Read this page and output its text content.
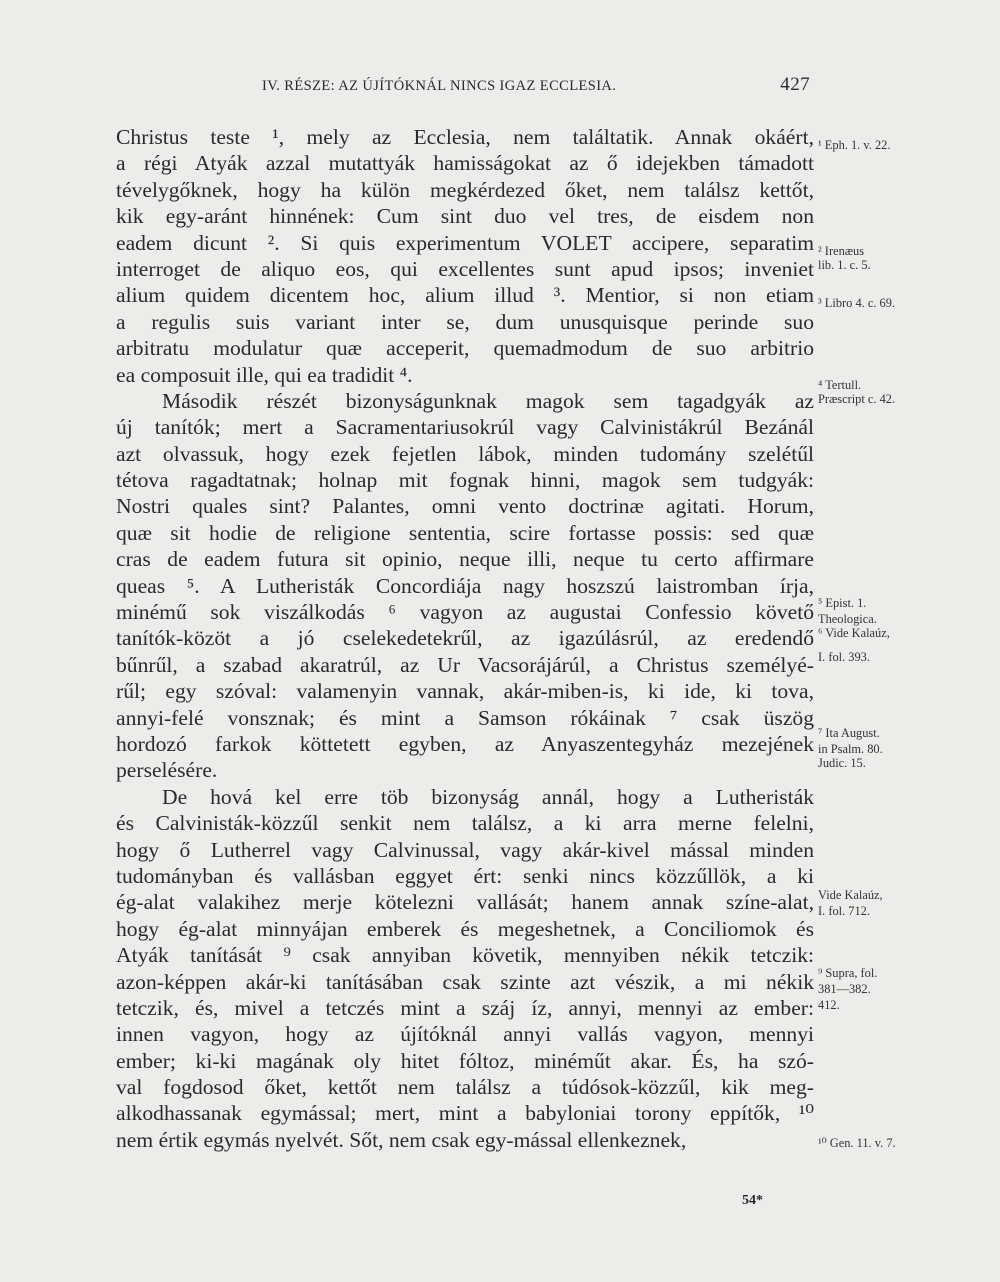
IV. RÉSZE: AZ ÚJÍTÓKNÁL NINCS IGAZ ECCLESIA.	427
Christus teste ¹, mely az Ecclesia, nem találtatik. Annak okáért,
a régi Atyák azzal mutattyák hamisságokat az ő idejekben támadott
tévelygőknek, hogy ha külön megkérdezed őket, nem találsz kettőt,
kik egy-aránt hinnének: Cum sint duo vel tres, de eisdem non
eadem dicunt ². Si quis experimentum VOLET accipere, separatim
interroget de aliquo eos, qui excellentes sunt apud ipsos; inveniet
alium quidem dicentem hoc, alium illud ³. Mentior, si non etiam
a regulis suis variant inter se, dum unusquisque perinde suo
arbitratu modulatur quæ acceperit, quemadmodum de suo arbitrio
ea composuit ille, qui ea tradidit ⁴.
Második részét bizonyságunknak magok sem tagadgyák az
új tanítók; mert a Sacramentariusokrúl vagy Calvinistákrúl Bezánál
azt olvassuk, hogy ezek fejetlen lábok, minden tudomány szelétűl
tétova ragadtatnak; holnap mit fognak hinni, magok sem tudgyák:
Nostri quales sint? Palantes, omni vento doctrinæ agitati. Horum,
quæ sit hodie de religione sententia, scire fortasse possis: sed quæ
cras de eadem futura sit opinio, neque illi, neque tu certo affirmare
queas ⁵. A Lutheristák Concordiája nagy hoszszú laistromban írja,
minémű sok viszálkodás ⁶ vagyon az augustai Confessio követő
tanítók-közöt a jó cselekedetekrűl, az igazúlásrúl, az eredendő
bűnrűl, a szabad akaratrúl, az Ur Vacsorájárúl, a Christus személyé-
rűl; egy szóval: valamenyin vannak, akár-miben-is, ki ide, ki tova,
annyi-felé vonsznak; és mint a Samson rókáinak ⁷ csak üszög
hordozó farkok köttetett egyben, az Anyaszentegyház mezejének
perselésére.
De hová kel erre töb bizonyság annál, hogy a Lutheristák
és Calvinisták-közzűl senkit nem találsz, a ki arra merne felelni,
hogy ő Lutherrel vagy Calvinussal, vagy akár-kivel mással minden
tudományban és vallásban eggyet ért: senki nincs közzűllök, a ki
ég-alat valakihez merje kötelezni vallását; hanem annak színe-alat,
hogy ég-alat minnyájan emberek és megeshetnek, a Conciliomok és
Atyák tanítását ⁹ csak annyiban követik, mennyiben nékik tetczik:
azon-képpen akár-ki tanításában csak szinte azt vészik, a mi nékik
tetczik, és, mivel a tetczés mint a száj íz, annyi, mennyi az ember:
innen vagyon, hogy az újítóknál annyi vallás vagyon, mennyi
ember; ki-ki magának oly hitet fóltoz, minéműt akar. És, ha szó-
val fogdosod őket, kettőt nem találsz a túdósok-közzűl, kik meg-
alkodhassanak egymással; mert, mint a babyloniai torony eppítők, ¹⁰
nem értik egymás nyelvét. Sőt, nem csak egy-mással ellenkeznek,
¹ Eph. 1. v. 22.
² Irenæus
lib. 1. c. 5.
³ Libro 4. c. 69.
⁴ Tertull.
Præscript c. 42.
⁵ Epist. 1.
Theologica.
⁶ Vide Kalaúz,
I. fol. 393.
⁷ Ita August.
in Psalm. 80.
Judic. 15.
Vide Kalaúz,
I. fol. 712.
⁹ Supra, fol.
381—382.
412.
¹⁰ Gen. 11. v. 7.
54*
